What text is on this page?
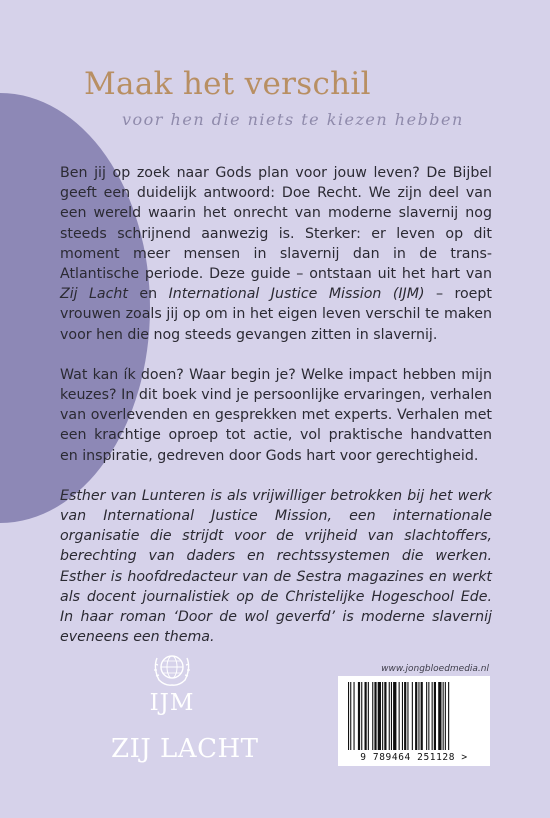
Maak het verschil

voor hen die niets te kiezen hebben

Ben jij op zoek naar Gods plan voor jouw leven? De Bijbel geeft een duidelijk antwoord: Doe Recht. We zijn deel van een wereld waarin het onrecht van moderne slavernij nog steeds schrijnend aanwezig is. Sterker: er leven op dit moment meer mensen in slavernij dan in de trans-Atlantische periode. Deze guide – ontstaan uit het hart van Zij Lacht en International Justice Mission (IJM) – roept vrouwen zoals jij op om in het eigen leven verschil te maken voor hen die nog steeds gevangen zitten in slavernij.

Wat kan ík doen? Waar begin je? Welke impact hebben mijn keuzes? In dit boek vind je persoonlijke ervaringen, verhalen van overlevenden en gesprekken met experts. Verhalen met een krachtige oproep tot actie, vol praktische handvatten en inspiratie, gedreven door Gods hart voor gerechtigheid.

Esther van Lunteren is als vrijwilliger betrokken bij het werk van International Justice Mission, een internationale organisatie die strijdt voor de vrijheid van slachtoffers, berechting van daders en rechtssystemen die werken. Esther is hoofdredacteur van de Sestra magazines en werkt als docent journalistiek op de Christelijke Hogeschool Ede. In haar roman ‘Door de wol geverfd’ is moderne slavernij eveneens een thema.

IJM
ZIJ LACHT
www.jongbloedmedia.nl
9 789464 251128 >
